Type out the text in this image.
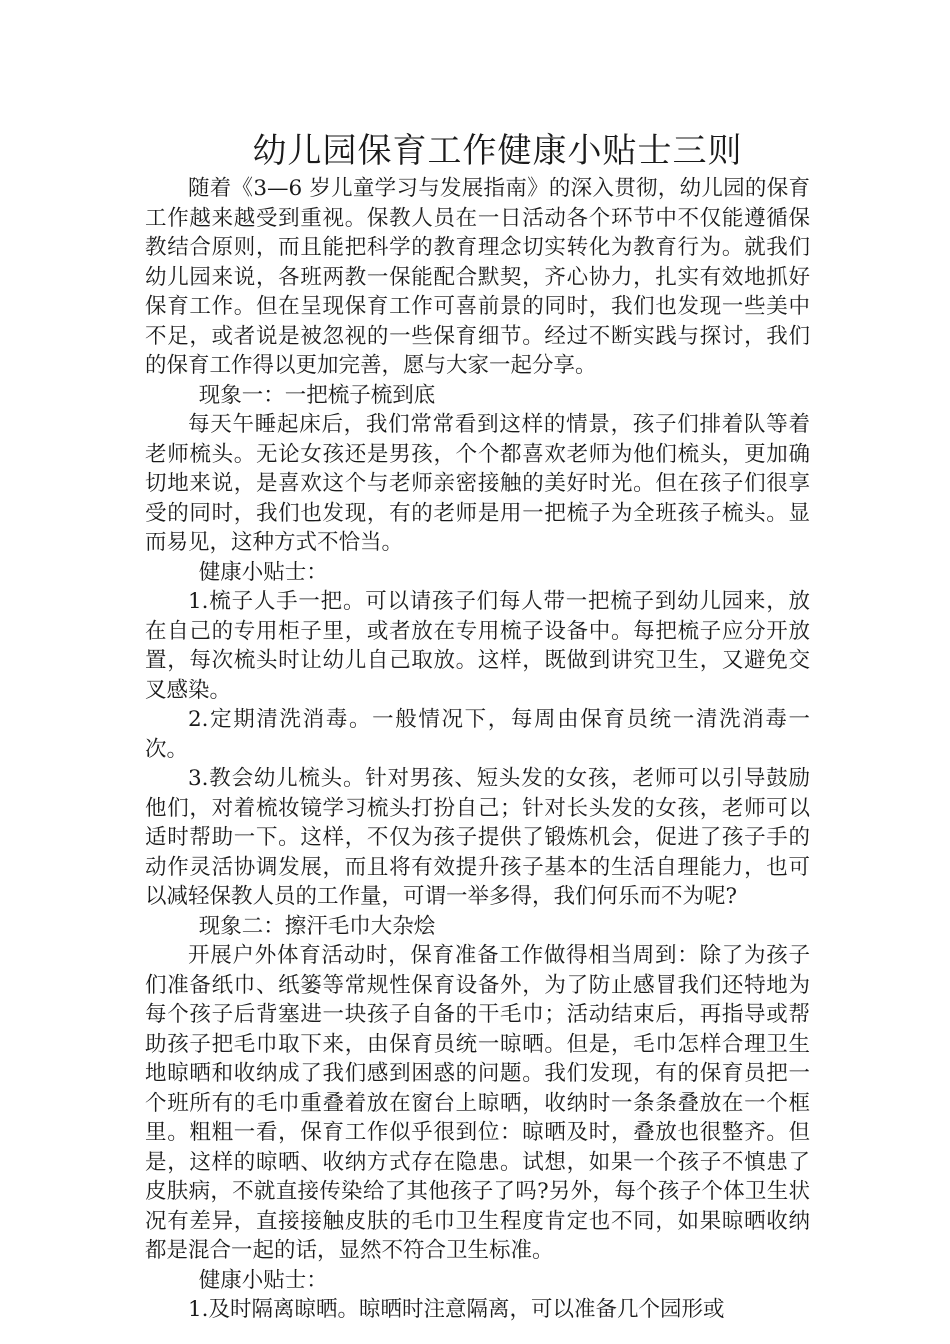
幼儿园保育工作健康小贴士三则

随着《3—6 岁儿童学习与发展指南》的深入贯彻，幼儿园的保育工作越来越受到重视。保教人员在一日活动各个环节中不仅能遵循保教结合原则，而且能把科学的教育理念切实转化为教育行为。就我们幼儿园来说，各班两教一保能配合默契，齐心协力，扎实有效地抓好保育工作。但在呈现保育工作可喜前景的同时，我们也发现一些美中不足，或者说是被忽视的一些保育细节。经过不断实践与探讨，我们的保育工作得以更加完善，愿与大家一起分享。

现象一：一把梳子梳到底

每天午睡起床后，我们常常看到这样的情景，孩子们排着队等着老师梳头。无论女孩还是男孩，个个都喜欢老师为他们梳头，更加确切地来说，是喜欢这个与老师亲密接触的美好时光。但在孩子们很享受的同时，我们也发现，有的老师是用一把梳子为全班孩子梳头。显而易见，这种方式不恰当。

健康小贴士：

1.梳子人手一把。可以请孩子们每人带一把梳子到幼儿园来，放在自己的专用柜子里，或者放在专用梳子设备中。每把梳子应分开放置，每次梳头时让幼儿自己取放。这样，既做到讲究卫生，又避免交叉感染。

2.定期清洗消毒。一般情况下，每周由保育员统一清洗消毒一次。

3.教会幼儿梳头。针对男孩、短头发的女孩，老师可以引导鼓励他们，对着梳妆镜学习梳头打扮自己；针对长头发的女孩，老师可以适时帮助一下。这样，不仅为孩子提供了锻炼机会，促进了孩子手的动作灵活协调发展，而且将有效提升孩子基本的生活自理能力，也可以减轻保教人员的工作量，可谓一举多得，我们何乐而不为呢?

现象二：擦汗毛巾大杂烩

开展户外体育活动时，保育准备工作做得相当周到：除了为孩子们准备纸巾、纸篓等常规性保育设备外，为了防止感冒我们还特地为每个孩子后背塞进一块孩子自备的干毛巾；活动结束后，再指导或帮助孩子把毛巾取下来，由保育员统一晾晒。但是，毛巾怎样合理卫生地晾晒和收纳成了我们感到困惑的问题。我们发现，有的保育员把一个班所有的毛巾重叠着放在窗台上晾晒，收纳时一条条叠放在一个框里。粗粗一看，保育工作似乎很到位：晾晒及时，叠放也很整齐。但是，这样的晾晒、收纳方式存在隐患。试想，如果一个孩子不慎患了皮肤病，不就直接传染给了其他孩子了吗?另外，每个孩子个体卫生状况有差异，直接接触皮肤的毛巾卫生程度肯定也不同，如果晾晒收纳都是混合一起的话，显然不符合卫生标准。

健康小贴士：

1.及时隔离晾晒。晾晒时注意隔离，可以准备几个园形或
